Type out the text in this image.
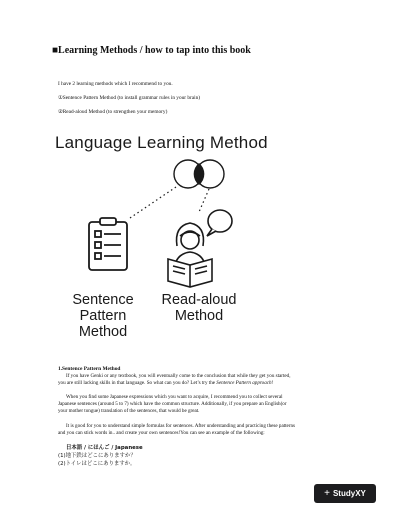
■Learning Methods / how to tap into this book
I have 2 learning methods which I recommend to you.
①Sentence Pattern Method (to install grammar rules in your brain)
②Read-aloud Method (to strengthen your memory)
Language Learning Method
Sentence
Pattern
Method
Read-aloud
Method
1.Sentence Pattern Method
If you have Genki or any textbook, you will eventually come to the conclusion that while they get you started,
you are still lacking skills in that language. So what can you do? Let’s try the Sentence Pattern approach!
When you find some Japanese expressions which you want to acquire, I recommend you to collect several
Japanese sentences (around 5 to 7) which have the common structure. Additionally, if you prepare an English(or
your mother tongue) translation of the sentences, that would be great.
It is good for you to understand simple formulas for sentences. After understanding and practicing these patterns
and you can stick words in.. and create your own sentences!You can see an example of the following:
日本語 / にほんご / Japanese
(1)地下鉄はどこにありますか？
(2)トイレはどこにありますか。
+ StudyXY
